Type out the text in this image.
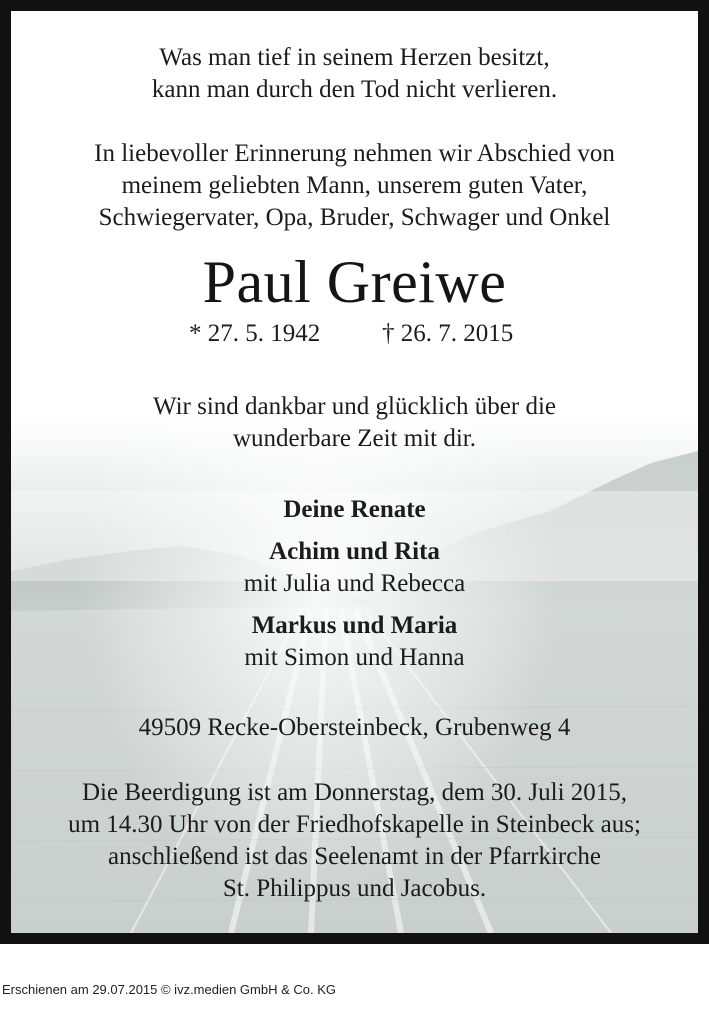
Was man tief in seinem Herzen besitzt,
kann man durch den Tod nicht verlieren.
In liebevoller Erinnerung nehmen wir Abschied von
meinem geliebten Mann, unserem guten Vater,
Schwiegervater, Opa, Bruder, Schwager und Onkel
Paul Greiwe
* 27. 5. 1942 † 26. 7. 2015
Wir sind dankbar und glücklich über die
wunderbare Zeit mit dir.
Deine Renate
Achim und Rita
mit Julia und Rebecca
Markus und Maria
mit Simon und Hanna
49509 Recke-Obersteinbeck, Grubenweg 4
Die Beerdigung ist am Donnerstag, dem 30. Juli 2015,
um 14.30 Uhr von der Friedhofskapelle in Steinbeck aus;
anschließend ist das Seelenamt in der Pfarrkirche
St. Philippus und Jacobus.
Erschienen am 29.07.2015 © ivz.medien GmbH & Co. KG
